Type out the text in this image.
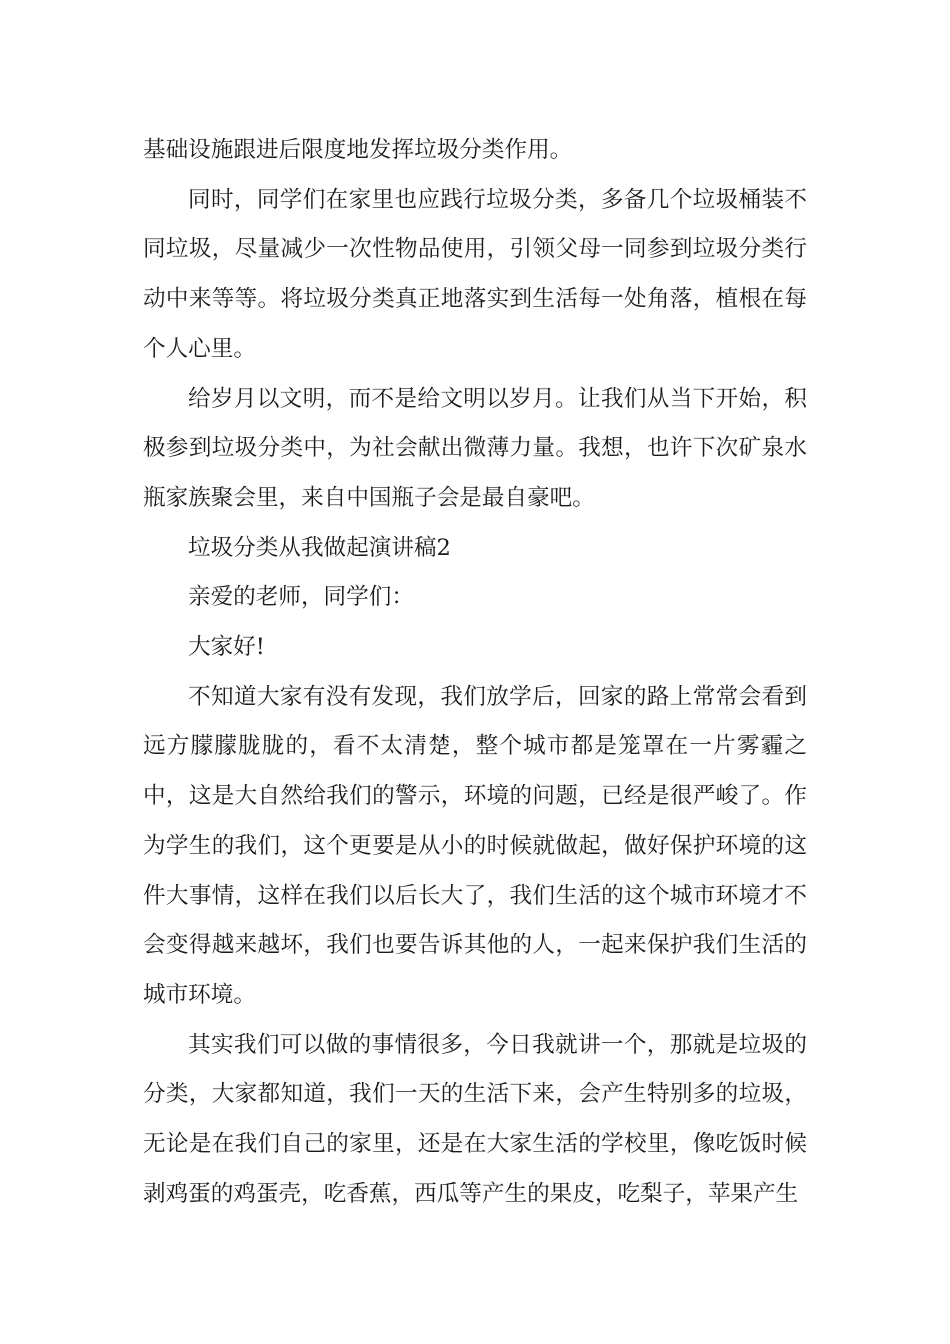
基础设施跟进后限度地发挥垃圾分类作用。

同时，同学们在家里也应践行垃圾分类，多备几个垃圾桶装不同垃圾，尽量减少一次性物品使用，引领父母一同参到垃圾分类行动中来等等。将垃圾分类真正地落实到生活每一处角落，植根在每个人心里。

给岁月以文明，而不是给文明以岁月。让我们从当下开始，积极参到垃圾分类中，为社会献出微薄力量。我想，也许下次矿泉水瓶家族聚会里，来自中国瓶子会是最自豪吧。

垃圾分类从我做起演讲稿2

亲爱的老师，同学们：

大家好!

不知道大家有没有发现，我们放学后，回家的路上常常会看到远方朦朦胧胧的，看不太清楚，整个城市都是笼罩在一片雾霾之中，这是大自然给我们的警示，环境的问题，已经是很严峻了。作为学生的我们，这个更要是从小的时候就做起，做好保护环境的这件大事情，这样在我们以后长大了，我们生活的这个城市环境才不会变得越来越坏，我们也要告诉其他的人，一起来保护我们生活的城市环境。

其实我们可以做的事情很多，今日我就讲一个，那就是垃圾的分类，大家都知道，我们一天的生活下来，会产生特别多的垃圾，无论是在我们自己的家里，还是在大家生活的学校里，像吃饭时候剥鸡蛋的鸡蛋壳，吃香蕉，西瓜等产生的果皮，吃梨子，苹果产生
